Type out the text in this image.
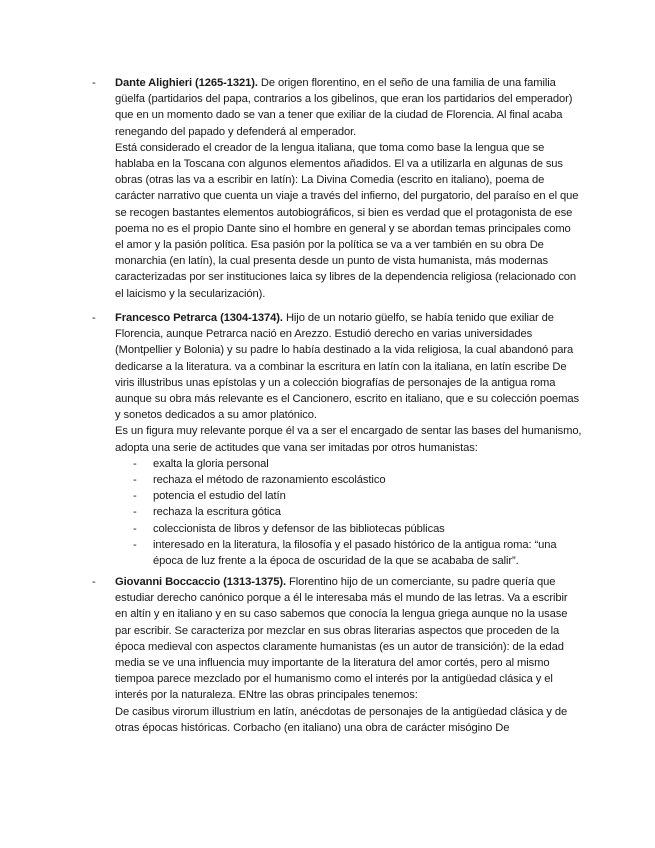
- Dante Alighieri (1265-1321). De origen florentino, en el seño de una familia de una familia güelfa (partidarios del papa, contrarios a los gibelinos, que eran los partidarios del emperador) que en un momento dado se van a tener que exiliar de la ciudad de Florencia. Al final acaba renegando del papado y defenderá al emperador.

Está considerado el creador de la lengua italiana, que toma como base la lengua que se hablaba en la Toscana con algunos elementos añadidos. El va a utilizarla en algunas de sus obras (otras las va a escribir en latín): La Divina Comedia (escrito en italiano), poema de carácter narrativo que cuenta un viaje a través del infierno, del purgatorio, del paraíso en el que se recogen bastantes elementos autobiográficos, si bien es verdad que el protagonista de ese poema no es el propio Dante sino el hombre en general y se abordan temas principales como el amor y la pasión política. Esa pasión por la política se va a ver también en su obra De monarchia (en latín), la cual presenta desde un punto de vista humanista, más modernas caracterizadas por ser instituciones laica sy libres de la dependencia religiosa (relacionado con el laicismo y la secularización).

- Francesco Petrarca (1304-1374). Hijo de un notario güelfo, se había tenido que exiliar de Florencia, aunque Petrarca nació en Arezzo. Estudió derecho en varias universidades (Montpellier y Bolonia) y su padre lo había destinado a la vida religiosa, la cual abandonó para dedicarse a la literatura. va a combinar la escritura en latín con la italiana, en latín escribe De viris illustribus unas epístolas y un a colección biografías de personajes de la antigua roma aunque su obra más relevante es el Cancionero, escrito en italiano, que e su colección poemas y sonetos dedicados a su amor platónico.

Es un figura muy relevante porque él va a ser el encargado de sentar las bases del humanismo, adopta una serie de actitudes que vana ser imitadas por otros humanistas:

- exalta la gloria personal
- rechaza el método de razonamiento escolástico
- potencia el estudio del latín
- rechaza la escritura gótica
- coleccionista de libros y defensor de las bibliotecas públicas
- interesado en la literatura, la filosofía y el pasado histórico de la antigua roma: “una época de luz frente a la época de oscuridad de la que se acababa de salir”.
- Giovanni Boccaccio (1313-1375). Florentino hijo de un comerciante, su padre quería que estudiar derecho canónico porque a él le interesaba más el mundo de las letras. Va a escribir en altín y en italiano y en su caso sabemos que conocía la lengua griega aunque no la usase par escribir. Se caracteriza por mezclar en sus obras literarias aspectos que proceden de la época medieval con aspectos claramente humanistas (es un autor de transición): de la edad media se ve una influencia muy importante de la literatura del amor cortés, pero al mismo tiempoa parece mezclado por el humanismo como el interés por la antigüedad clásica y el interés por la naturaleza. ENtre las obras principales tenemos:

De casibus virorum illustrium en latín, anécdotas de personajes de la antigüedad clásica y de otras épocas históricas. Corbacho (en italiano) una obra de carácter misógino De
